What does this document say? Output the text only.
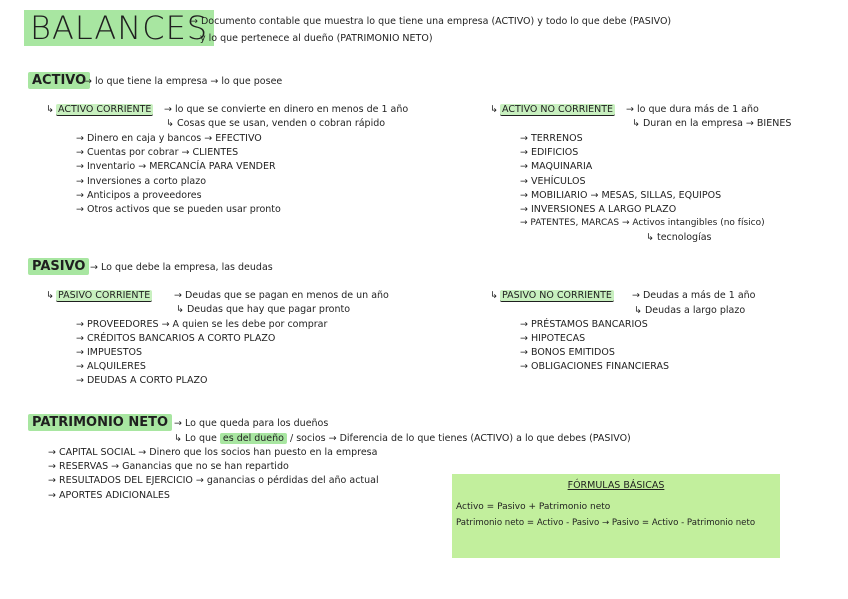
BALANCES
→ Documento contable que muestra lo que tiene una empresa (ACTIVO) y todo lo que debe (PASIVO)
y lo que pertenece al dueño (PATRIMONIO NETO)
ACTIVO
→ lo que tiene la empresa → lo que posee
↳ ACTIVO CORRIENTE → lo que se convierte en dinero en menos de 1 año
↳ Cosas que se usan, venden o cobran rápido
→ Dinero en caja y bancos → EFECTIVO
→ Cuentas por cobrar → CLIENTES
→ Inventario → MERCANCÍA PARA VENDER
→ Inversiones a corto plazo
→ Anticipos a proveedores
→ Otros activos que se pueden usar pronto
↳ ACTIVO NO CORRIENTE → lo que dura más de 1 año
↳ Duran en la empresa → BIENES
→ TERRENOS
→ EDIFICIOS
→ MAQUINARIA
→ VEHÍCULOS
→ MOBILIARIO → MESAS, SILLAS, EQUIPOS
→ INVERSIONES A LARGO PLAZO
→ PATENTES, MARCAS → Activos intangibles (no físico)
↳ tecnologías
PASIVO → Lo que debe la empresa, las deudas
↳ PASIVO CORRIENTE → Deudas que se pagan en menos de un año
↳ Deudas que hay que pagar pronto
→ PROVEEDORES → A quien se les debe por comprar
→ CRÉDITOS BANCARIOS A CORTO PLAZO
→ IMPUESTOS
→ ALQUILERES
→ DEUDAS A CORTO PLAZO
↳ PASIVO NO CORRIENTE → Deudas a más de 1 año
↳ Deudas a largo plazo
→ PRÉSTAMOS BANCARIOS
→ HIPOTECAS
→ BONOS EMITIDOS
→ OBLIGACIONES FINANCIERAS
PATRIMONIO NETO → Lo que queda para los dueños
↳ Lo que es del dueño / socios → Diferencia de lo que tienes (ACTIVO) a lo que debes (PASIVO)
→ CAPITAL SOCIAL → Dinero que los socios han puesto en la empresa
→ RESERVAS → Ganancias que no se han repartido
→ RESULTADOS DEL EJERCICIO → ganancias o pérdidas del año actual
→ APORTES ADICIONALES
FÓRMULAS BÁSICAS
Activo = Pasivo + Patrimonio neto
Patrimonio neto = Activo - Pasivo → Pasivo = Activo - Patrimonio neto
